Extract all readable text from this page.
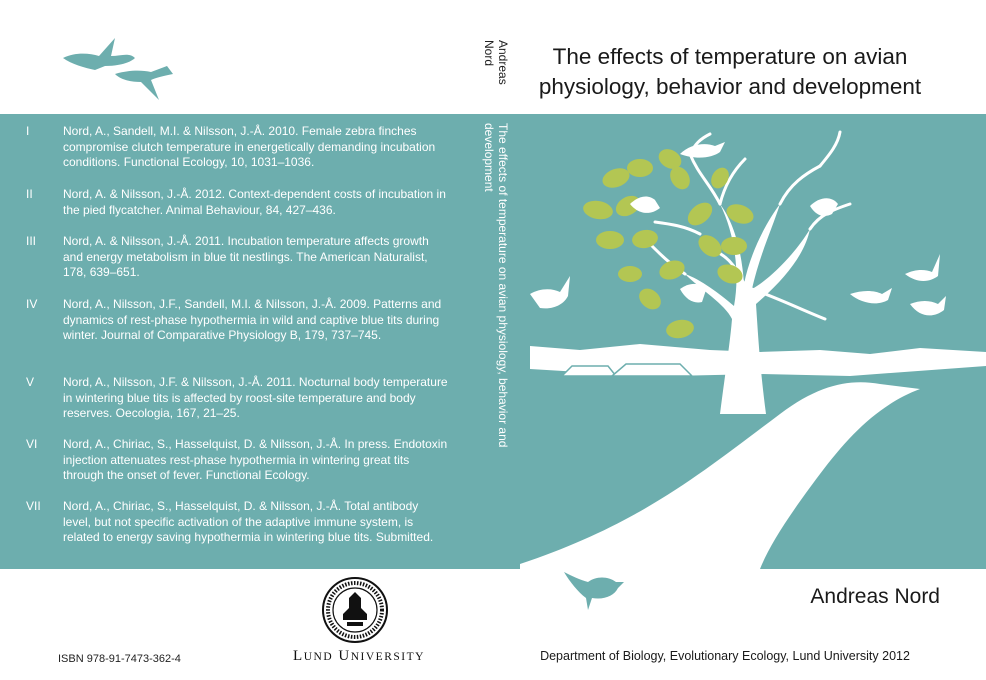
Andreas Nord
The effects of temperature on avian physiology, behavior and development
The effects of temperature on avian physiology, behavior and development
I	Nord, A., Sandell, M.I. & Nilsson, J.-Å. 2010. Female zebra finches compromise clutch temperature in energetically demanding incubation conditions. Functional Ecology, 10, 1031–1036.
II	Nord, A. & Nilsson, J.-Å. 2012. Context-dependent costs of incubation in the pied flycatcher. Animal Behaviour, 84, 427–436.
III	Nord, A. & Nilsson, J.-Å. 2011. Incubation temperature affects growth and energy metabolism in blue tit nestlings. The American Naturalist, 178, 639–651.
IV	Nord, A., Nilsson, J.F., Sandell, M.I. & Nilsson, J.-Å. 2009. Patterns and dynamics of rest-phase hypothermia in wild and captive blue tits during winter. Journal of Comparative Physiology B, 179, 737–745.
V	Nord, A., Nilsson, J.F. & Nilsson, J.-Å. 2011. Nocturnal body temperature in wintering blue tits is affected by roost-site temperature and body reserves. Oecologia, 167, 21–25.
VI	Nord, A., Chiriac, S., Hasselquist, D. & Nilsson, J.-Å. In press. Endotoxin injection attenuates rest-phase hypothermia in wintering great tits through the onset of fever. Functional Ecology.
VII	Nord, A., Chiriac, S., Hasselquist, D. & Nilsson, J.-Å. Total antibody level, but not specific activation of the adaptive immune system, is related to energy saving hypothermia in wintering blue tits. Submitted.
ISBN 978-91-7473-362-4	LUND UNIVERSITY
Andreas Nord
Department of Biology, Evolutionary Ecology, Lund University 2012
